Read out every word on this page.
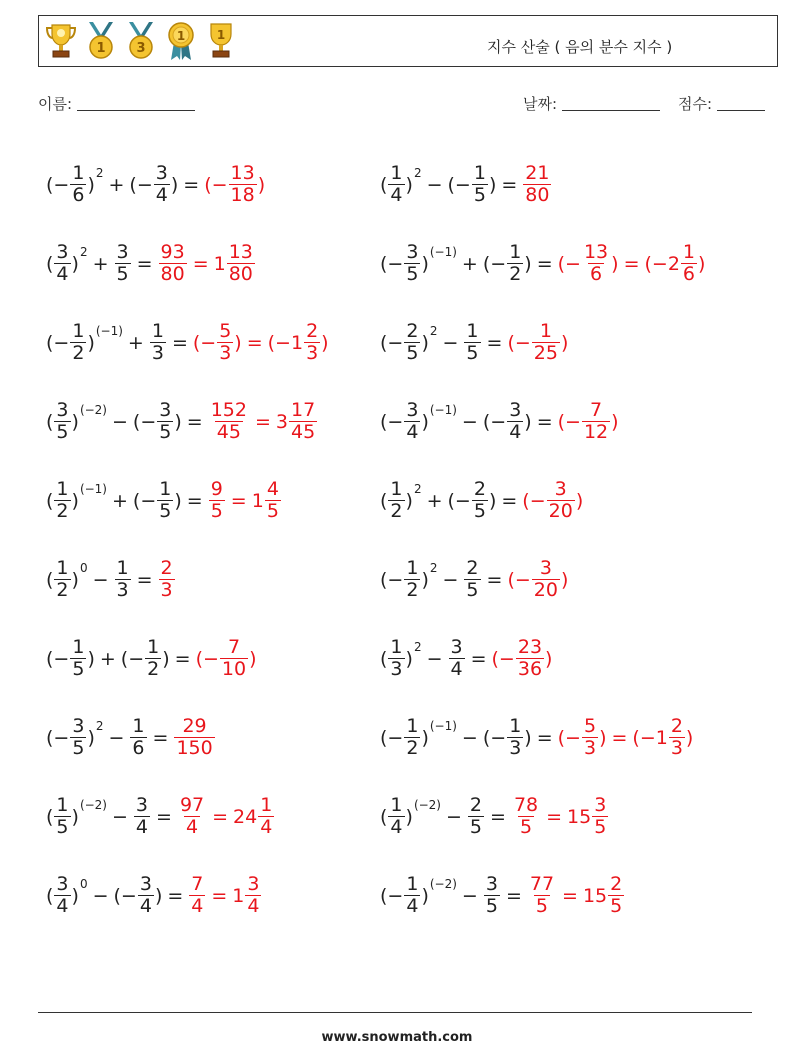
1 3
1	1
지수 산술 ( 음의 분수 지수 )
이름:	날짜:	점수:
(− $\frac{1}{6}$ )
2
+ (− $\frac{3}{4}$ ) = (− $\frac{13}{18}$ )
( $\frac{3}{4}$ )
2
+ $\frac{3}{5} = \frac{93}{80} = 1 \frac{13}{80}$
(− $\frac{1}{2}$ )
(−1)
+ $\frac{1}{3}$ = (− $\frac{5}{3}$ ) = ($-1 \frac{2}{3}$ )
( $\frac{3}{5}$ )
(−2)
− (− $\frac{3}{5}$ ) = $\frac{152}{45} = 3 \frac{17}{45}$
( $\frac{1}{2}$ )
(−1)
+ (− $\frac{1}{5}$ ) = $\frac{9}{5} = 1 \frac{4}{5}$
( $\frac{1}{2}$ )
0
− $\frac{1}{3} = \frac{2}{3}$
(− $\frac{1}{5}$ ) + (− $\frac{1}{2}$ ) = (− $\frac{7}{10}$ )
(− $\frac{3}{5}$ )
2
− $\frac{1}{6} = \frac{29}{150}$
( $\frac{1}{5}$ )
(−2)
− $\frac{3}{4} = \frac{97}{4} = 24 \frac{1}{4}$
( $\frac{3}{4}$ )
0
− (− $\frac{3}{4}$ ) = $\frac{7}{4} = 1 \frac{3}{4}$
( $\frac{1}{4}$ )
2
− (− $\frac{1}{5}$ ) = $\frac{21}{80}$
(− $\frac{3}{5}$ )
(−1)
+ (− $\frac{1}{2}$ ) = (− $\frac{13}{6}$ ) = ($-2 \frac{1}{6}$ )
(− $\frac{2}{5}$ )
2
− $\frac{1}{5}$ = (− $\frac{1}{25}$ )
(− $\frac{3}{4}$ )
(−1)
− (− $\frac{3}{4}$ ) = (− $\frac{7}{12}$ )
( $\frac{1}{2}$ )
2
+ (− $\frac{2}{5}$ ) = (− $\frac{3}{20}$ )
(− $\frac{1}{2}$ )
2
− $\frac{2}{5}$ = (− $\frac{3}{20}$ )
( $\frac{1}{3}$ )
2
− $\frac{3}{4}$ = (− $\frac{23}{36}$ )
(− $\frac{1}{2}$ )
(−1)
− (− $\frac{1}{3}$ ) = (− $\frac{5}{3}$ ) = ($-1 \frac{2}{3}$ )
( $\frac{1}{4}$ )
(−2)
− $\frac{2}{5} = \frac{78}{5} = 15 \frac{3}{5}$
(− $\frac{1}{4}$ )
(−2)
− $\frac{3}{5} = \frac{77}{5} = 15 \frac{2}{5}$
www.snowmath.com
